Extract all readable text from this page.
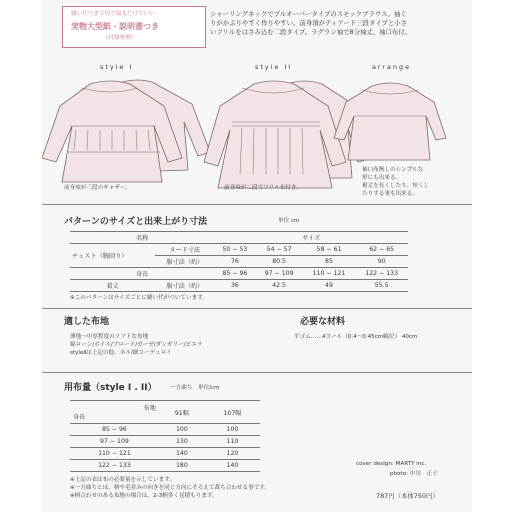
縫い代つきで切り取るだけでいい
実物大型紙・説明書つき
（付録参照）
シャーリングネックでプルオーバータイプのスモックブラウス。袖ぐ
りがかぶりやすく作りやすい。前身頃がティアード三段タイプと小さ
いフリルをはさみ込む二段タイプ。ラグラン袖で8分袖丈、袖口布付。
style I	style II	arrange
前身頃が三段のギャザー。	前身頃が二段でフリル布付き。
袖口布無しのシンプルな
形にも出来る。
裾丈を長くしたり、短くし
たりする事も出来る。
パターンのサイズと出来上がり寸法	単位 cm
名称		サイズ			
チェスト（胸回り）	ヌード寸法	50 − 53	54 − 57	58 − 61	62 − 65
	服寸法（約）	76	80.5	85	90
身長		85 − 96	97 − 109	110 − 121	122 − 133
着丈	服寸法（約）	36	42.5	49	55.5
※このパターンはサイズごとに縫い代がついています。
適した布地
薄地〜中厚程度のソフトな布地
綿ローン/ボイル/ブロード/ガーゼ/ダンガリー/ピエラ
styleⅡは上記の他、ネル/細コーデュロイ
必要な材料
平ゴム……4コール（0.4〜0.45cm幅位） 40cm
用布量（style I . II） 一方曲ち　単位/cm
布地
身長	91幅	107幅

85 − 96	100	100
97 − 109	130	110
110 − 121	140	120
122 − 133	180	140
※上記の表は布の必要量を示しています。
※一方曲ちとは、柄や毛並みの向きを同じ方向にそろえて裁ち合わせる事です。
※柄合わせのある布地の場合は、2-3柄多く見積もります。
cover design: MARTY inc.
photo: 中川　正子
787円（本体750円）
